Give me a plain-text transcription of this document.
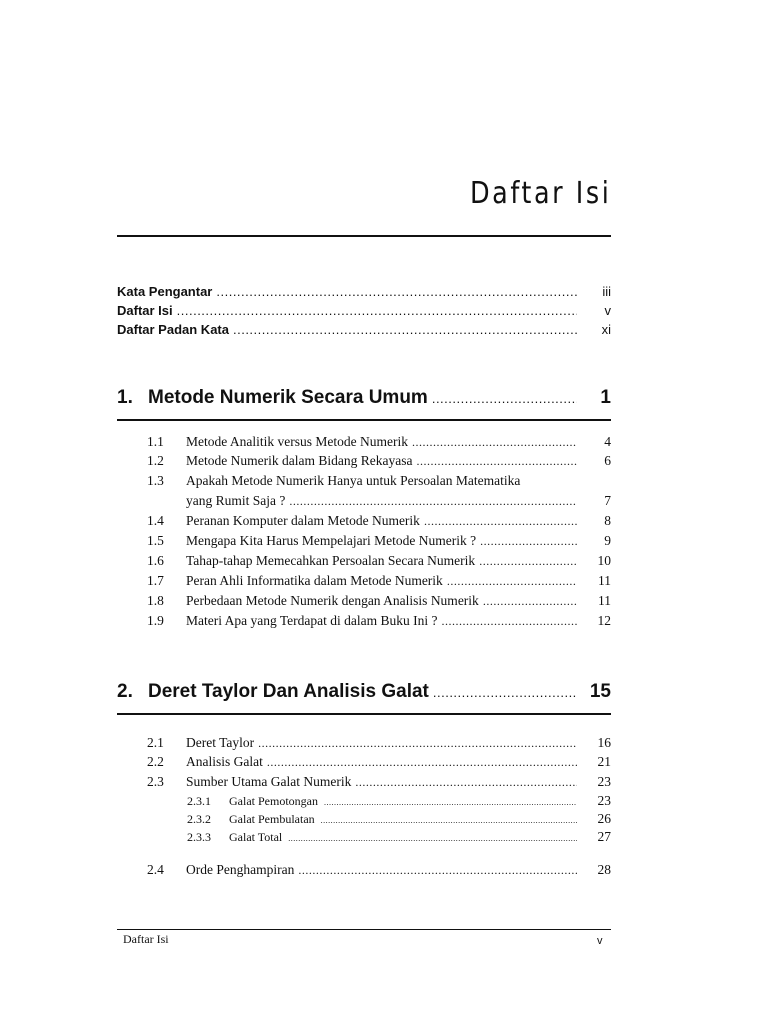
Daftar Isi
Kata Pengantar .....	iii
Daftar Isi .....	v
Daftar Padan Kata .....	xi
1. Metode Numerik Secara Umum .....	1
1.1	Metode Analitik versus Metode Numerik .....	4
1.2	Metode Numerik dalam Bidang Rekayasa .....	6
1.3	Apakah Metode Numerik Hanya untuk Persoalan Matematika
yang Rumit Saja ? .....	7
1.4	Peranan Komputer dalam Metode Numerik .....	8
1.5	Mengapa Kita Harus Mempelajari Metode Numerik ? .....	9
1.6	Tahap-tahap Memecahkan Persoalan Secara Numerik .....	10
1.7	Peran Ahli Informatika dalam Metode Numerik .....	11
1.8	Perbedaan Metode Numerik dengan Analisis Numerik .....	11
1.9	Materi Apa yang Terdapat di dalam Buku Ini ? .....	12
2. Deret Taylor Dan Analisis Galat .....	15
2.1	Deret Taylor .....	16
2.2	Analisis Galat .....	21
2.3	Sumber Utama Galat Numerik .....	23
2.3.1	Galat Pemotongan .....	23
2.3.2	Galat Pembulatan .....	26
2.3.3	Galat Total .....	27
2.4	Orde Penghampiran .....	28
Daftar Isi	v
